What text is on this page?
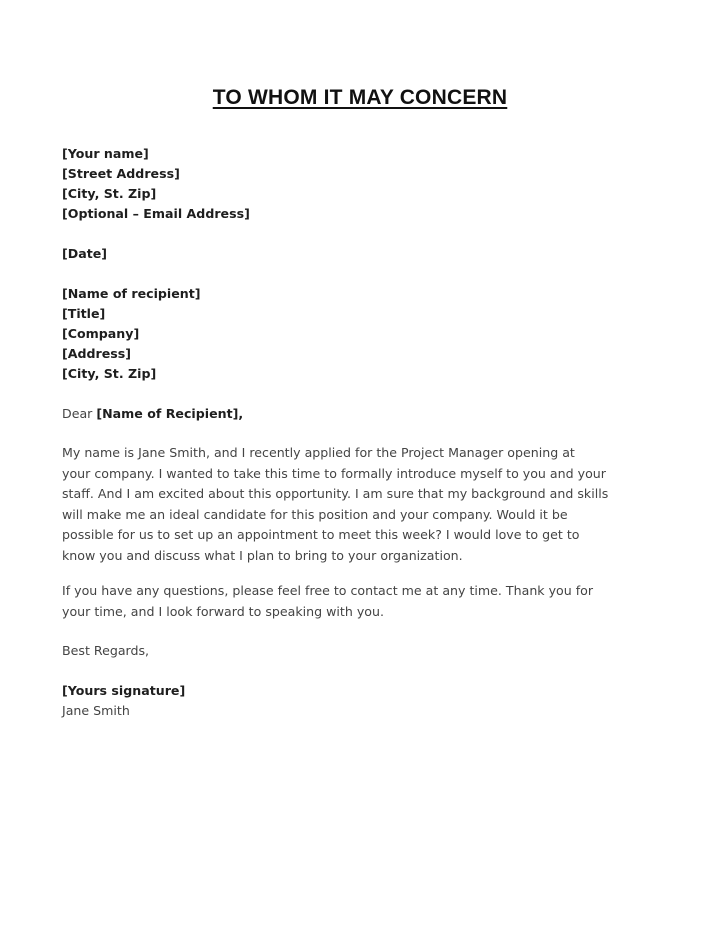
TO WHOM IT MAY CONCERN
[Your name]
[Street Address]
[City, St. Zip]
[Optional – Email Address]
[Date]
[Name of recipient]
[Title]
[Company]
[Address]
[City, St. Zip]
Dear [Name of Recipient],
My name is Jane Smith, and I recently applied for the Project Manager opening at
your company. I wanted to take this time to formally introduce myself to you and your
staff. And I am excited about this opportunity. I am sure that my background and skills
will make me an ideal candidate for this position and your company. Would it be
possible for us to set up an appointment to meet this week? I would love to get to
know you and discuss what I plan to bring to your organization.
If you have any questions, please feel free to contact me at any time. Thank you for
your time, and I look forward to speaking with you.
Best Regards,
[Yours signature]
Jane Smith
